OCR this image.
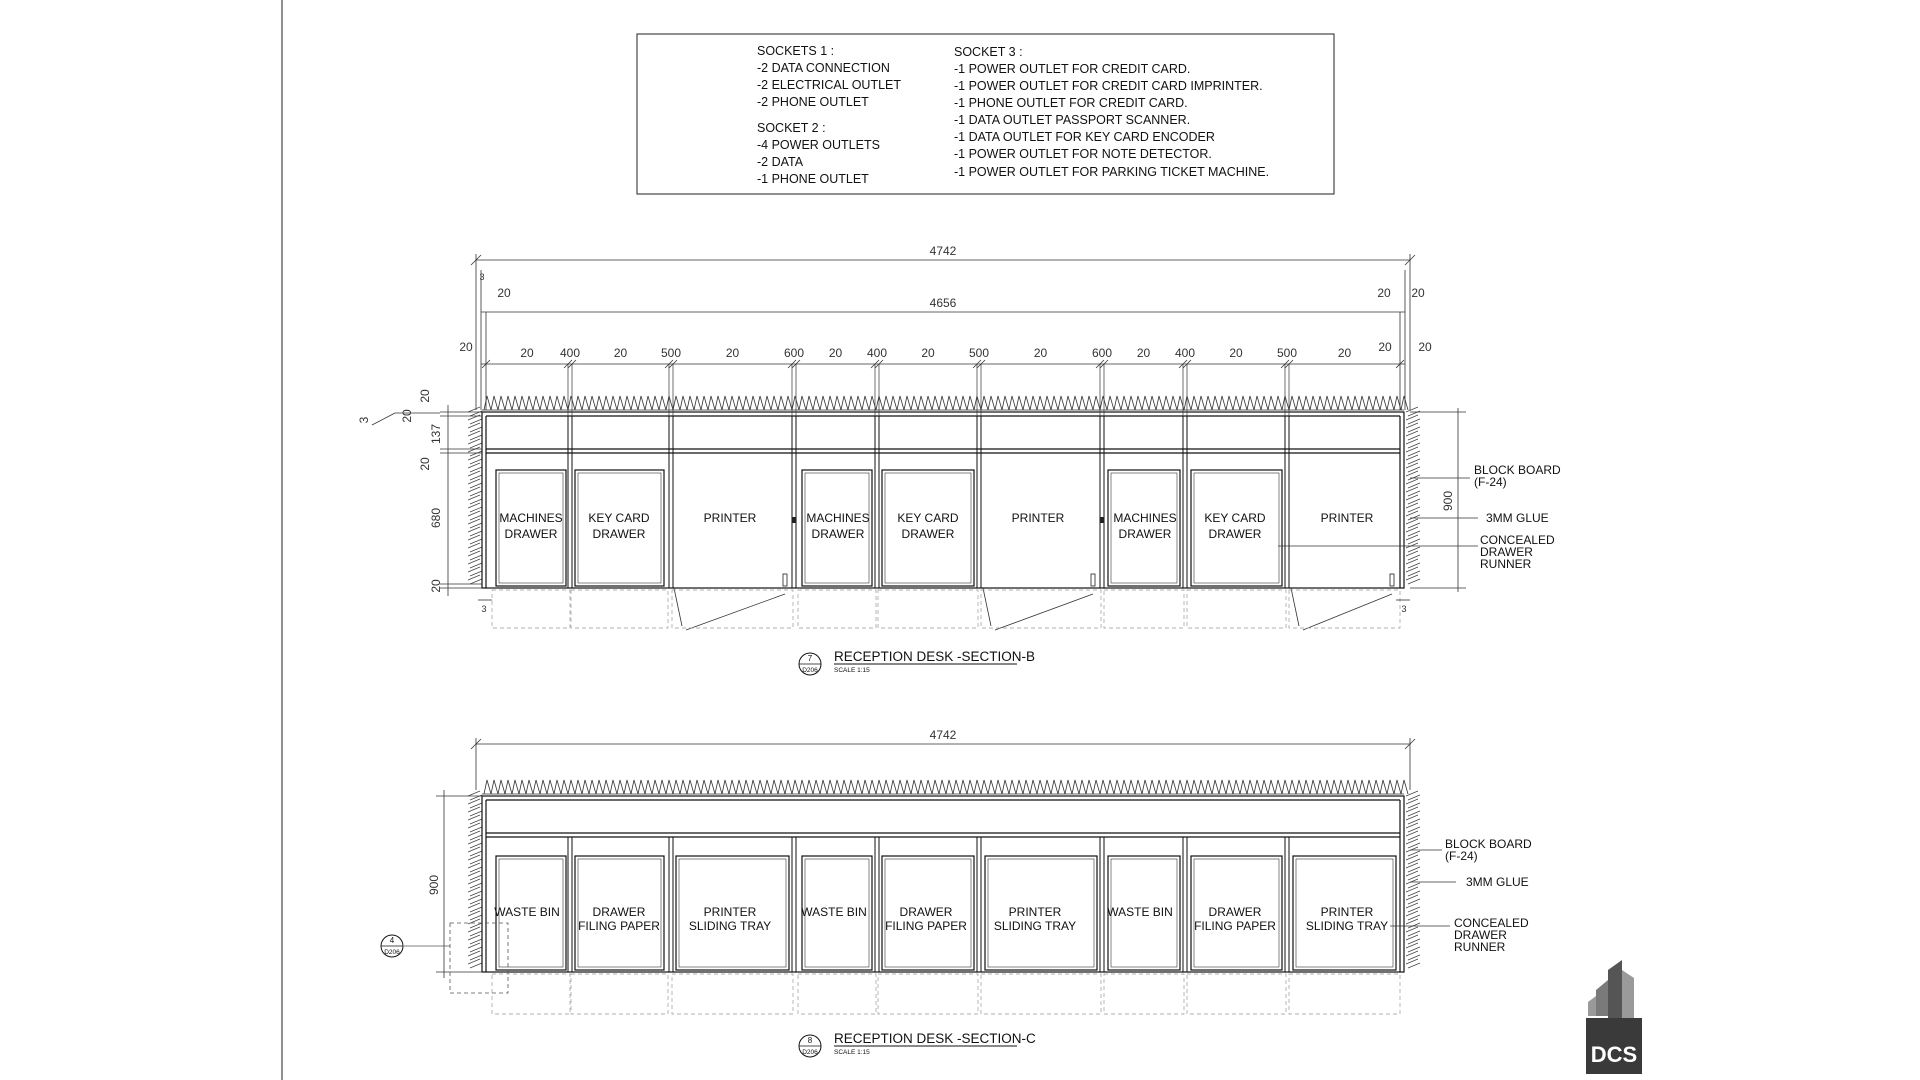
SOCKETS 1 :
-2 DATA CONNECTION
-2 ELECTRICAL OUTLET
-2 PHONE OUTLET
SOCKET 2 :
-4 POWER OUTLETS
-2 DATA
-1 PHONE OUTLET
SOCKET 3 :
-1 POWER OUTLET FOR CREDIT CARD.
-1 POWER OUTLET FOR CREDIT CARD IMPRINTER.
-1 PHONE OUTLET FOR CREDIT CARD.
-1 DATA OUTLET PASSPORT SCANNER.
-1 DATA OUTLET FOR KEY CARD ENCODER
-1 POWER OUTLET FOR NOTE DETECTOR.
-1 POWER OUTLET FOR PARKING TICKET MACHINE.
4742
4656
3
20	20 20
20	20 20
20 400	20	500	20	600 20 400	20	500	20	600 20 400	20	500	20
MACHINES
DRAWER
KEY CARD
DRAWER
PRINTER	MACHINES
DRAWER
KEY CARD
DRAWER
PRINTER	MACHINES
DRAWER
KEY CARD
DRAWER
PRINTER
3
20
20
137
20
680
20
900
3	3
BLOCK BOARD
(F-24)
3MM GLUE
CONCEALED
DRAWER
RUNNER
7
D206
RECEPTION DESK -SECTION-B
SCALE 1:15
4742
WASTE BIN	DRAWER
FILING PAPER
PRINTER
SLIDING TRAY
WASTE BIN	DRAWER
FILING PAPER
PRINTER
SLIDING TRAY
WASTE BIN	DRAWER
FILING PAPER
PRINTER
SLIDING TRAY
900
4
D206
BLOCK BOARD
(F-24)
3MM GLUE
CONCEALED
DRAWER
RUNNER
8
D206
RECEPTION DESK -SECTION-C
SCALE 1:15	DCS
